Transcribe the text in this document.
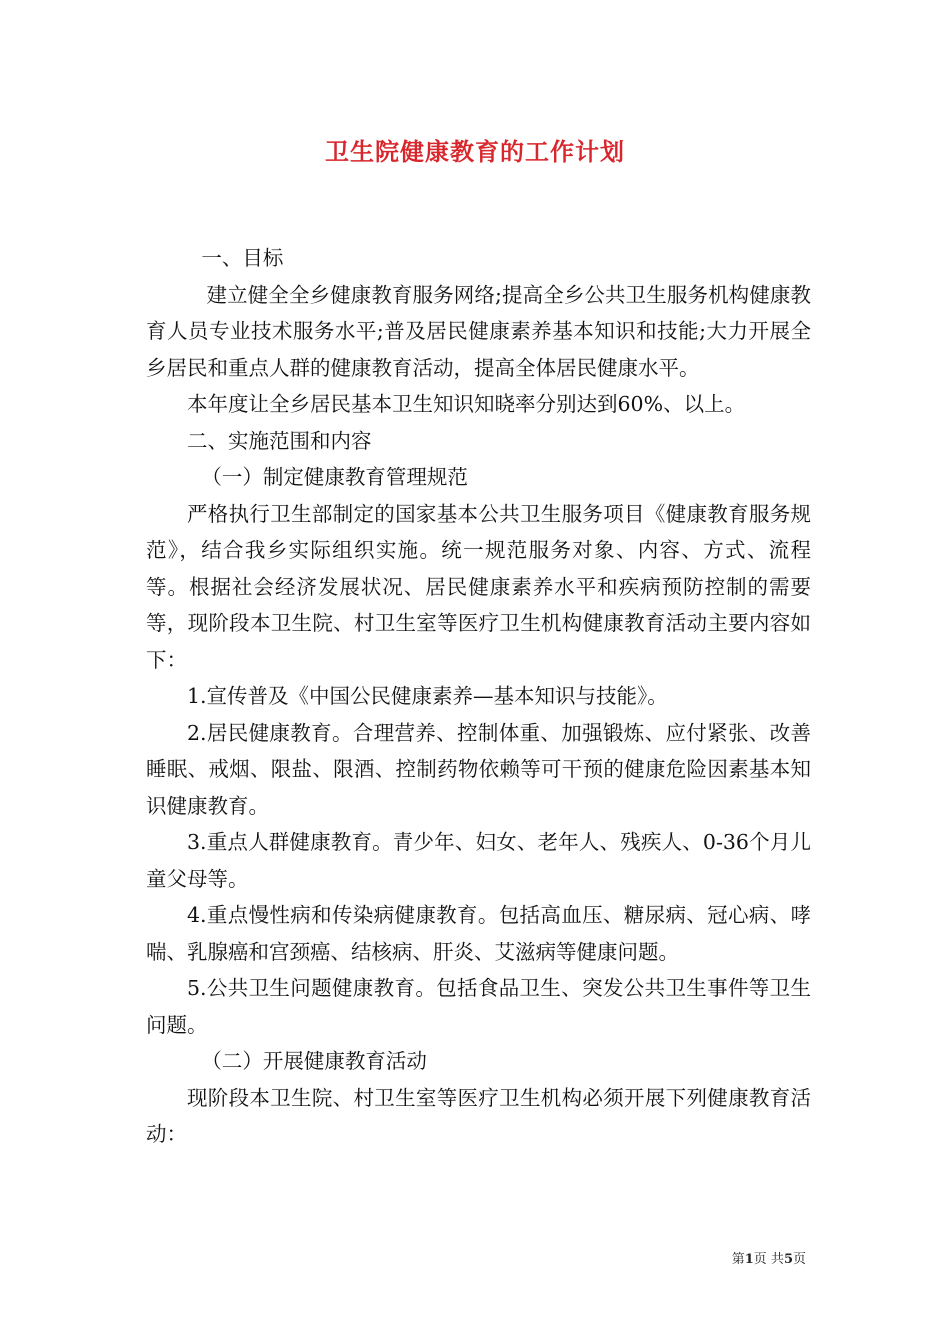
卫生院健康教育的工作计划

一、目标

建立健全全乡健康教育服务网络;提高全乡公共卫生服务机构健康教育人员专业技术服务水平;普及居民健康素养基本知识和技能;大力开展全乡居民和重点人群的健康教育活动，提高全体居民健康水平。

本年度让全乡居民基本卫生知识知晓率分别达到60%、以上。

二、实施范围和内容

（一）制定健康教育管理规范

严格执行卫生部制定的国家基本公共卫生服务项目《健康教育服务规范》，结合我乡实际组织实施。统一规范服务对象、内容、方式、流程等。根据社会经济发展状况、居民健康素养水平和疾病预防控制的需要等，现阶段本卫生院、村卫生室等医疗卫生机构健康教育活动主要内容如下：

1.宣传普及《中国公民健康素养—基本知识与技能》。

2.居民健康教育。合理营养、控制体重、加强锻炼、应付紧张、改善睡眠、戒烟、限盐、限酒、控制药物依赖等可干预的健康危险因素基本知识健康教育。

3.重点人群健康教育。青少年、妇女、老年人、残疾人、0-36个月儿童父母等。

4.重点慢性病和传染病健康教育。包括高血压、糖尿病、冠心病、哮喘、乳腺癌和宫颈癌、结核病、肝炎、艾滋病等健康问题。

5.公共卫生问题健康教育。包括食品卫生、突发公共卫生事件等卫生问题。

（二）开展健康教育活动

现阶段本卫生院、村卫生室等医疗卫生机构必须开展下列健康教育活动：

第1页 共5页
